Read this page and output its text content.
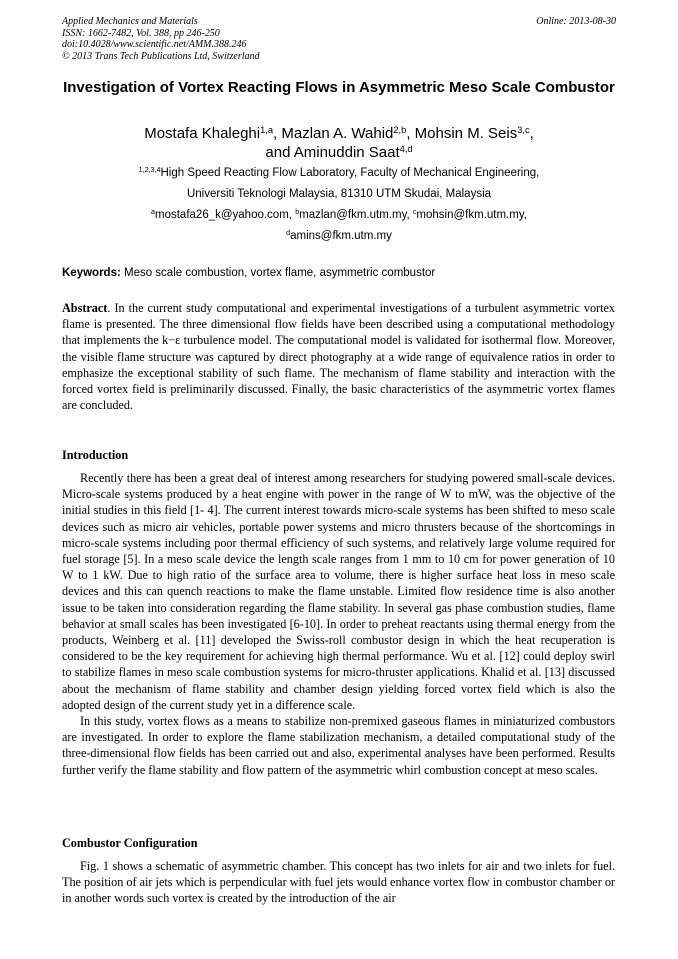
Applied Mechanics and Materials
ISSN: 1662-7482, Vol. 388, pp 246-250
doi:10.4028/www.scientific.net/AMM.388.246
© 2013 Trans Tech Publications Ltd, Switzerland
Online: 2013-08-30
Investigation of Vortex Reacting Flows in Asymmetric Meso Scale Combustor
Mostafa Khaleghi$^{1,a}$, Mazlan A. Wahid$^{2,b}$, Mohsin M. Seis$^{3,c}$,
and Aminuddin Saat$^{4,d}$
$^{1,2,3,4}$High Speed Reacting Flow Laboratory, Faculty of Mechanical Engineering,
Universiti Teknologi Malaysia, 81310 UTM Skudai, Malaysia
$^a$mostafa26_k@yahoo.com, $^b$mazlan@fkm.utm.my, $^c$mohsin@fkm.utm.my,
$^d$amins@fkm.utm.my
Keywords: Meso scale combustion, vortex flame, asymmetric combustor
Abstract. In the current study computational and experimental investigations of a turbulent asymmetric vortex flame is presented. The three dimensional flow fields have been described using a computational methodology that implements the k−ε turbulence model. The computational model is validated for isothermal flow. Moreover, the visible flame structure was captured by direct photography at a wide range of equivalence ratios in order to emphasize the exceptional stability of such flame. The mechanism of flame stability and interaction with the forced vortex field is preliminarily discussed. Finally, the basic characteristics of the asymmetric vortex flames are concluded.
Introduction

Recently there has been a great deal of interest among researchers for studying powered small-scale devices. Micro-scale systems produced by a heat engine with power in the range of W to mW, was the objective of the initial studies in this field [1- 4]. The current interest towards micro-scale systems has been shifted to meso scale devices such as micro air vehicles, portable power systems and micro thrusters because of the shortcomings in micro-scale systems including poor thermal efficiency of such systems, and relatively large volume required for fuel storage [5]. In a meso scale device the length scale ranges from 1 mm to 10 cm for power generation of 10 W to 1 kW. Due to high ratio of the surface area to volume, there is higher surface heat loss in meso scale devices and this can quench reactions to make the flame unstable. Limited flow residence time is also another issue to be taken into consideration regarding the flame stability. In several gas phase combustion studies, flame behavior at small scales has been investigated [6-10]. In order to preheat reactants using thermal energy from the products, Weinberg et al. [11] developed the Swiss-roll combustor design in which the heat recuperation is considered to be the key requirement for achieving high thermal performance. Wu et al. [12] could deploy swirl to stabilize flames in meso scale combustion systems for micro-thruster applications. Khalid et al. [13] discussed about the mechanism of flame stability and chamber design yielding forced vortex field which is also the adopted design of the current study yet in a difference scale.

In this study, vortex flows as a means to stabilize non-premixed gaseous flames in miniaturized combustors are investigated. In order to explore the flame stabilization mechanism, a detailed computational study of the three-dimensional flow fields has been carried out and also, experimental analyses have been performed. Results further verify the flame stability and flow pattern of the asymmetric whirl combustion concept at meso scales.

Combustor Configuration

Fig. 1 shows a schematic of asymmetric chamber. This concept has two inlets for air and two inlets for fuel. The position of air jets which is perpendicular with fuel jets would enhance vortex flow in combustor chamber or in another words such vortex is created by the introduction of the air
